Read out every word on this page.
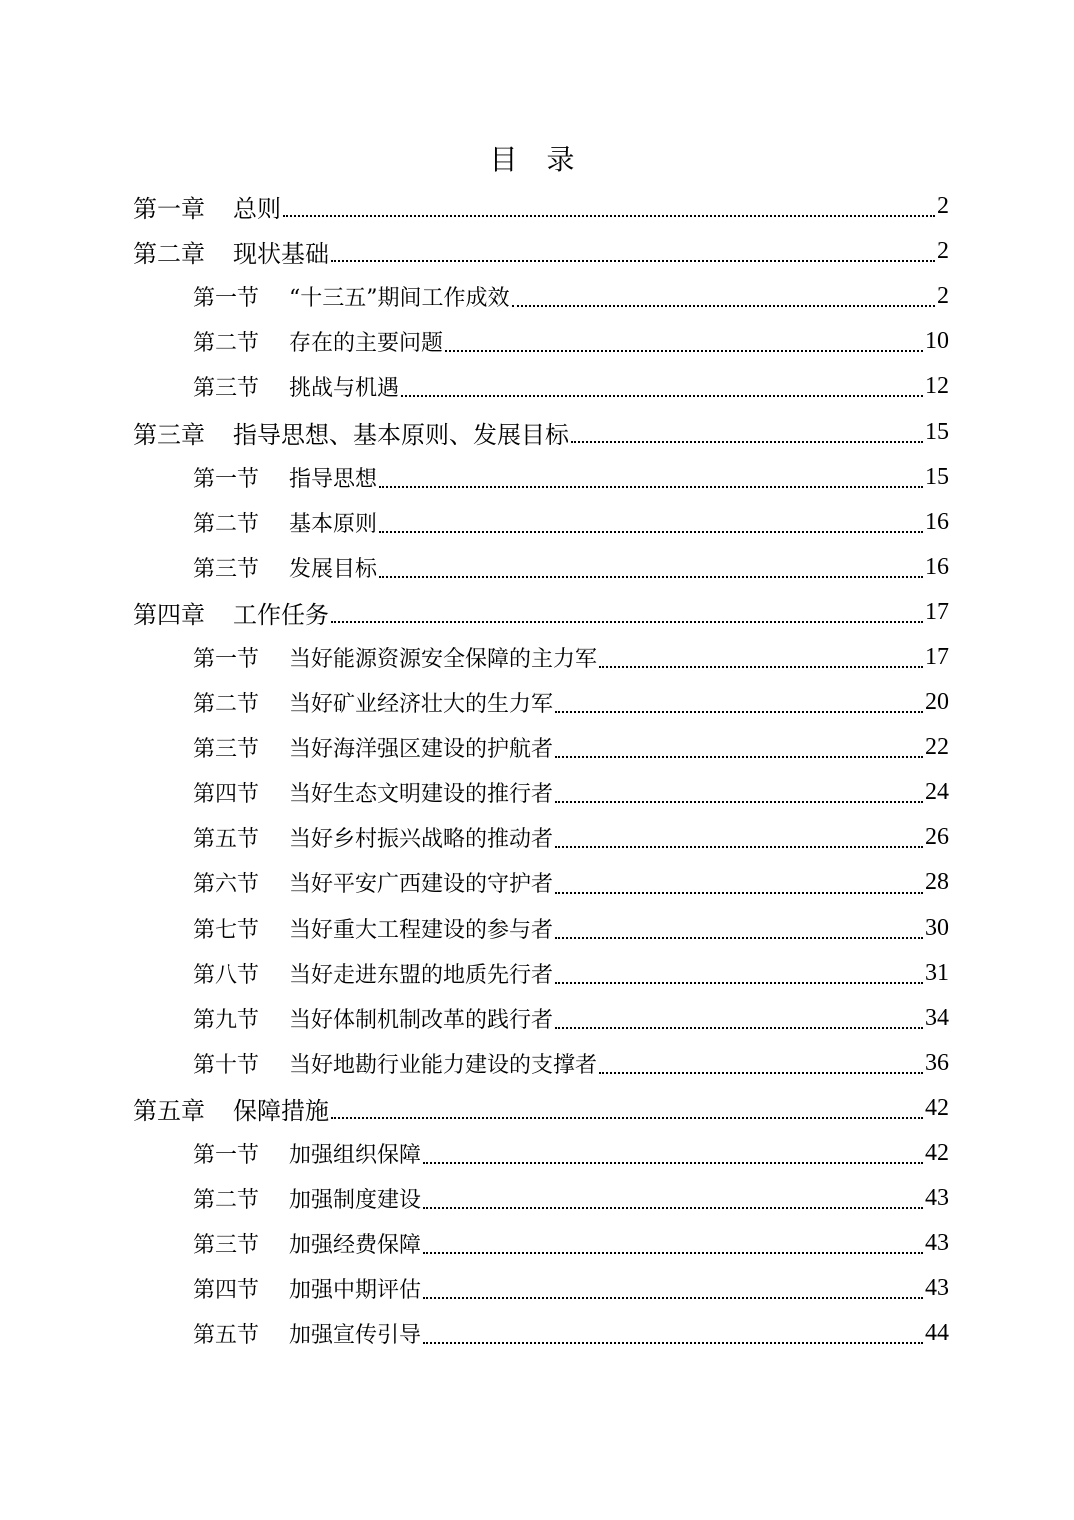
目 录
第一章 总则	2
第二章 现状基础	2
第一节 “十三五”期间工作成效	2
第二节 存在的主要问题	10
第三节 挑战与机遇	12
第三章 指导思想、基本原则、发展目标	15
第一节 指导思想	15
第二节 基本原则	16
第三节 发展目标	16
第四章 工作任务	17
第一节 当好能源资源安全保障的主力军	17
第二节 当好矿业经济壮大的生力军	20
第三节 当好海洋强区建设的护航者	22
第四节 当好生态文明建设的推行者	24
第五节 当好乡村振兴战略的推动者	26
第六节 当好平安广西建设的守护者	28
第七节 当好重大工程建设的参与者	30
第八节 当好走进东盟的地质先行者	31
第九节 当好体制机制改革的践行者	34
第十节 当好地勘行业能力建设的支撑者	36
第五章 保障措施	42
第一节 加强组织保障	42
第二节 加强制度建设	43
第三节 加强经费保障	43
第四节 加强中期评估	43
第五节 加强宣传引导	44
